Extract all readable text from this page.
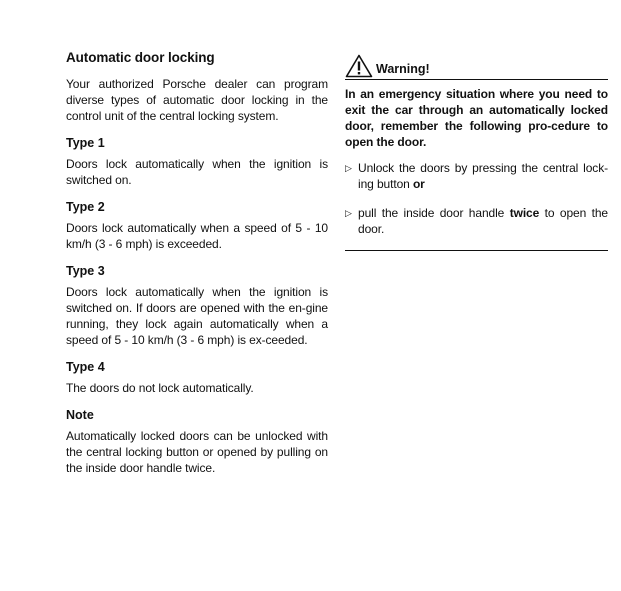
Automatic door locking

Your authorized Porsche dealer can program diverse types of automatic door locking in the control unit of the central locking system.

Type 1

Doors lock automatically when the ignition is switched on.

Type 2

Doors lock automatically when a speed of 5 - 10 km/h (3 - 6 mph) is exceeded.

Type 3

Doors lock automatically when the ignition is switched on. If doors are opened with the en-gine running, they lock again automatically when a speed of 5 - 10 km/h (3 - 6 mph) is ex-ceeded.

Type 4

The doors do not lock automatically.

Note

Automatically locked doors can be unlocked with the central locking button or opened by pulling on the inside door handle twice.

Warning!

In an emergency situation where you need to exit the car through an automatically locked door, remember the following pro-cedure to open the door.

▷ Unlock the doors by pressing the central lock-ing button or
▷ pull the inside door handle twice to open the door.
